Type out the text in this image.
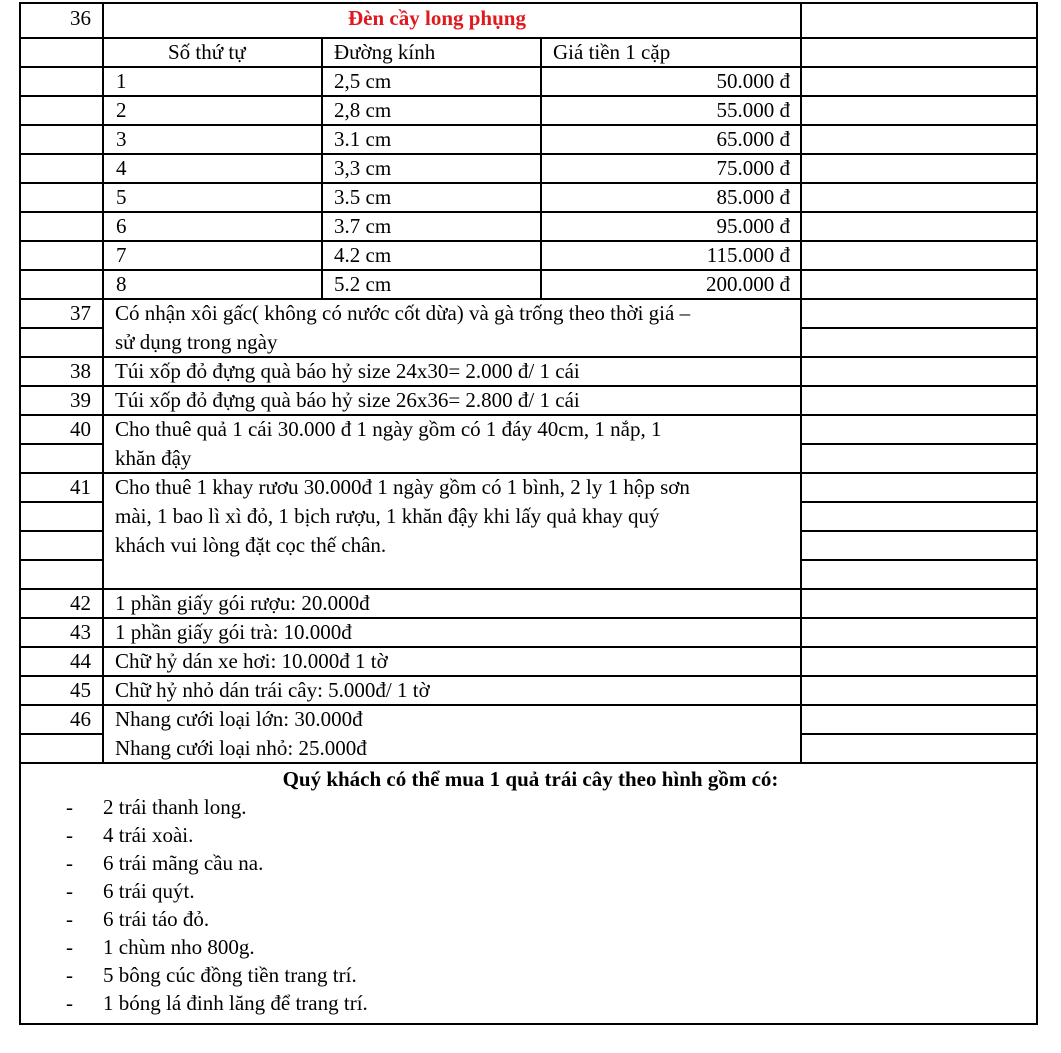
36	Đèn cầy long phụng
Số thứ tự	Đường kính	Giá tiền 1 cặp
1	2,5 cm	50.000 đ
2	2,8 cm	55.000 đ
3	3.1 cm	65.000 đ
4	3,3 cm	75.000 đ
5	3.5 cm	85.000 đ
6	3.7 cm	95.000 đ
7	4.2 cm	115.000 đ
8	5.2 cm	200.000 đ
37 Có nhận xôi gấc( không có nước cốt dừa) và gà trống theo thời giá –
sử dụng trong ngày
38 Túi xốp đỏ đựng quà báo hỷ size 24x30= 2.000 đ/ 1 cái
39 Túi xốp đỏ đựng quà báo hỷ size 26x36= 2.800 đ/ 1 cái
40 Cho thuê quả 1 cái 30.000 đ 1 ngày gồm có 1 đáy 40cm, 1 nắp, 1
khăn đậy
41 Cho thuê 1 khay rươu 30.000đ 1 ngày gồm có 1 bình, 2 ly 1 hộp sơn
mài, 1 bao lì xì đỏ, 1 bịch rượu, 1 khăn đậy khi lấy quả khay quý
khách vui lòng đặt cọc thế chân.
42 1 phần giấy gói rượu: 20.000đ
43 1 phần giấy gói trà: 10.000đ
44 Chữ hỷ dán xe hơi: 10.000đ 1 tờ
45 Chữ hỷ nhỏ dán trái cây: 5.000đ/ 1 tờ
46 Nhang cưới loại lớn: 30.000đ
Nhang cưới loại nhỏ: 25.000đ
Quý khách có thể mua 1 quả trái cây theo hình gồm có:
- 2 trái thanh long.
- 4 trái xoài.
- 6 trái mãng cầu na.
- 6 trái quýt.
- 6 trái táo đỏ.
- 1 chùm nho 800g.
- 5 bông cúc đồng tiền trang trí.
- 1 bóng lá đinh lăng để trang trí.
